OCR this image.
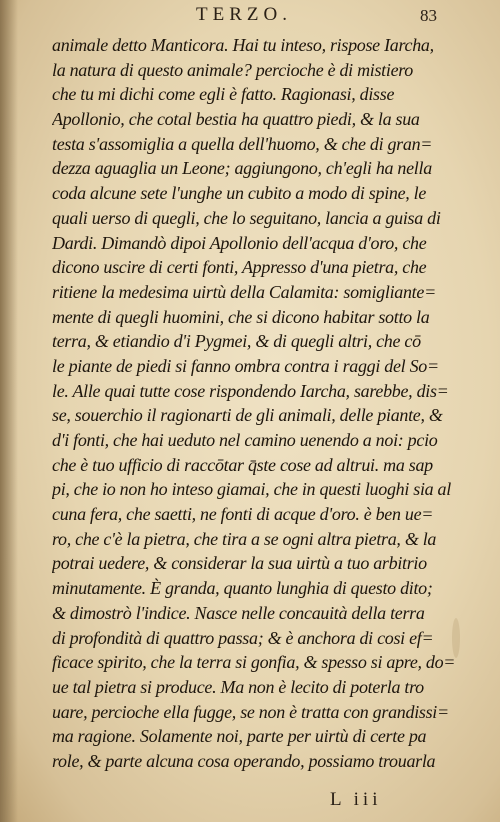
TERZO.	83
animale detto Manticora. Hai tu inteso, rispose Iarcha,
la natura di questo animale? percioche è di mistiero
che tu mi dichi come egli è fatto. Ragionasi, disse
Apollonio, che cotal bestia ha quattro piedi, & la sua
testa s'assomiglia a quella dell'huomo, & che di gran=
dezza aguaglia un Leone; aggiungono, ch'egli ha nella
coda alcune sete l'unghe un cubito a modo di spine, le
quali uerso di quegli, che lo seguitano, lancia a guisa di
Dardi. Dimandò dipoi Apollonio dell'acqua d'oro, che
dicono uscire di certi fonti, Appresso d'una pietra, che
ritiene la medesima uirtù della Calamita: somigliante=
mente di quegli huomini, che si dicono habitar sotto la
terra, & etiandio d'i Pygmei, & di quegli altri, che cō
le piante de piedi si fanno ombra contra i raggi del So=
le. Alle quai tutte cose rispondendo Iarcha, sarebbe, dis=
se, souerchio il ragionarti de gli animali, delle piante, &
d'i fonti, che hai ueduto nel camino uenendo a noi: pcio
che è tuo ufficio di raccōtar q̄ste cose ad altrui. ma sap
pi, che io non ho inteso giamai, che in questi luoghi sia al
cuna fera, che saetti, ne fonti di acque d'oro. è ben ue=
ro, che c'è la pietra, che tira a se ogni altra pietra, & la
potrai uedere, & considerar la sua uirtù a tuo arbitrio
minutamente. È granda, quanto lunghia di questo dito;
& dimostrò l'indice. Nasce nelle concauità della terra
di profondità di quattro passa; & è anchora di cosi ef=
ficace spirito, che la terra si gonfia, & spesso si apre, do=
ue tal pietra si produce. Ma non è lecito di poterla tro
uare, percioche ella fugge, se non è tratta con grandissi=
ma ragione. Solamente noi, parte per uirtù di certe pa
role, & parte alcuna cosa operando, possiamo trouarla
L iii
